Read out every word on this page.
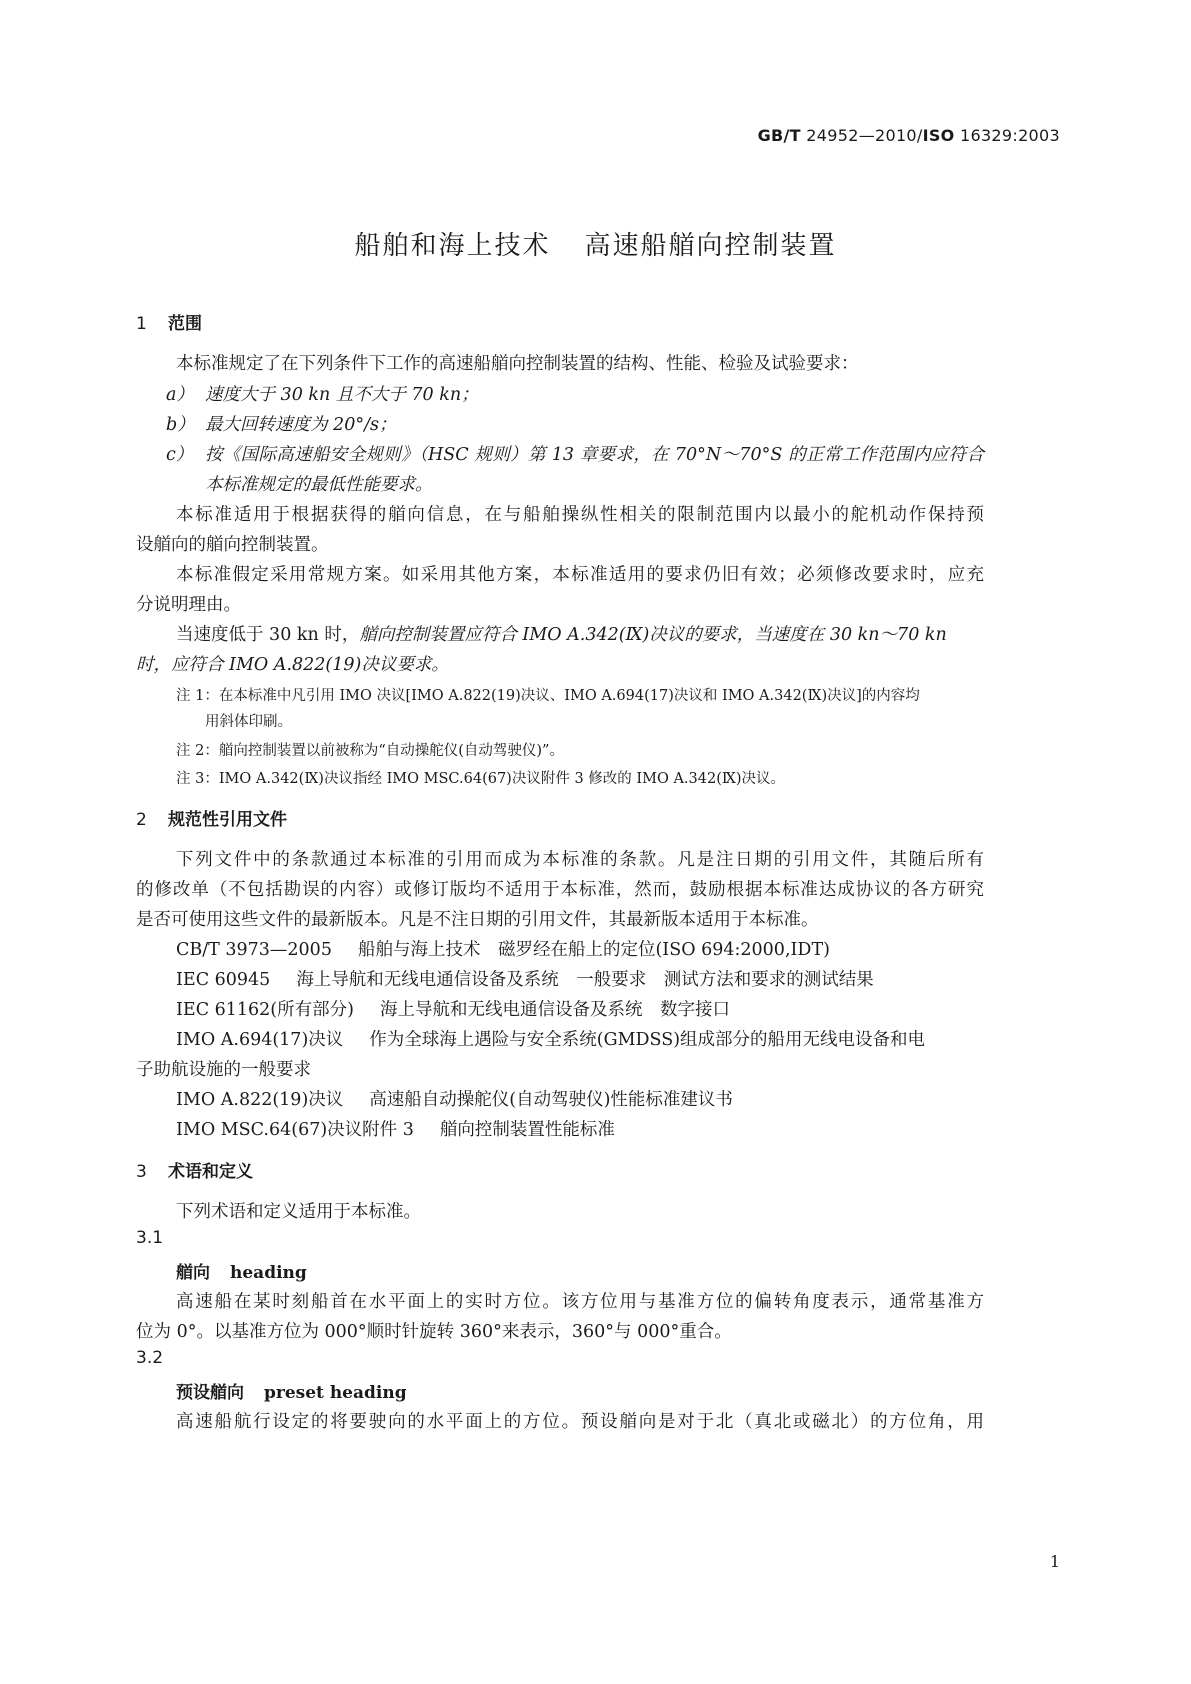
GB/T 24952—2010/ISO 16329:2003
船舶和海上技术 高速船艏向控制装置
1 范围
本标准规定了在下列条件下工作的高速船艏向控制装置的结构、性能、检验及试验要求：
a） 速度大于 30 kn 且不大于 70 kn；
b） 最大回转速度为 20°/s；
c） 按《国际高速船安全规则》（HSC 规则）第 13 章要求，在 70°N～70°S 的正常工作范围内应符合
本标准规定的最低性能要求。
本标准适用于根据获得的艏向信息，在与船舶操纵性相关的限制范围内以最小的舵机动作保持预
设艏向的艏向控制装置。
本标准假定采用常规方案。如采用其他方案，本标准适用的要求仍旧有效；必须修改要求时，应充
分说明理由。
当速度低于 30 kn 时，艏向控制装置应符合 IMO A.342(Ⅸ)决议的要求，当速度在 30 kn～70 kn
时，应符合 IMO A.822(19)决议要求。
注 1：在本标准中凡引用 IMO 决议[IMO A.822(19)决议、IMO A.694(17)决议和 IMO A.342(Ⅸ)决议]的内容均
用斜体印刷。
注 2：艏向控制装置以前被称为“自动操舵仪(自动驾驶仪)”。
注 3：IMO A.342(Ⅸ)决议指经 IMO MSC.64(67)决议附件 3 修改的 IMO A.342(Ⅸ)决议。
2 规范性引用文件
下列文件中的条款通过本标准的引用而成为本标准的条款。凡是注日期的引用文件，其随后所有
的修改单（不包括勘误的内容）或修订版均不适用于本标准，然而，鼓励根据本标准达成协议的各方研究
是否可使用这些文件的最新版本。凡是不注日期的引用文件，其最新版本适用于本标准。
CB/T 3973—2005 船舶与海上技术　磁罗经在船上的定位(ISO 694:2000,IDT)
IEC 60945 海上导航和无线电通信设备及系统　一般要求　测试方法和要求的测试结果
IEC 61162(所有部分) 海上导航和无线电通信设备及系统　数字接口
IMO A.694(17)决议 作为全球海上遇险与安全系统(GMDSS)组成部分的船用无线电设备和电
子助航设施的一般要求
IMO A.822(19)决议 高速船自动操舵仪(自动驾驶仪)性能标准建议书
IMO MSC.64(67)决议附件 3 艏向控制装置性能标准
3 术语和定义
下列术语和定义适用于本标准。
3.1
艏向 heading
高速船在某时刻船首在水平面上的实时方位。该方位用与基准方位的偏转角度表示，通常基准方
位为 0°。以基准方位为 000°顺时针旋转 360°来表示，360°与 000°重合。
3.2
预设艏向 preset heading
高速船航行设定的将要驶向的水平面上的方位。预设艏向是对于北（真北或磁北）的方位角，用
1
